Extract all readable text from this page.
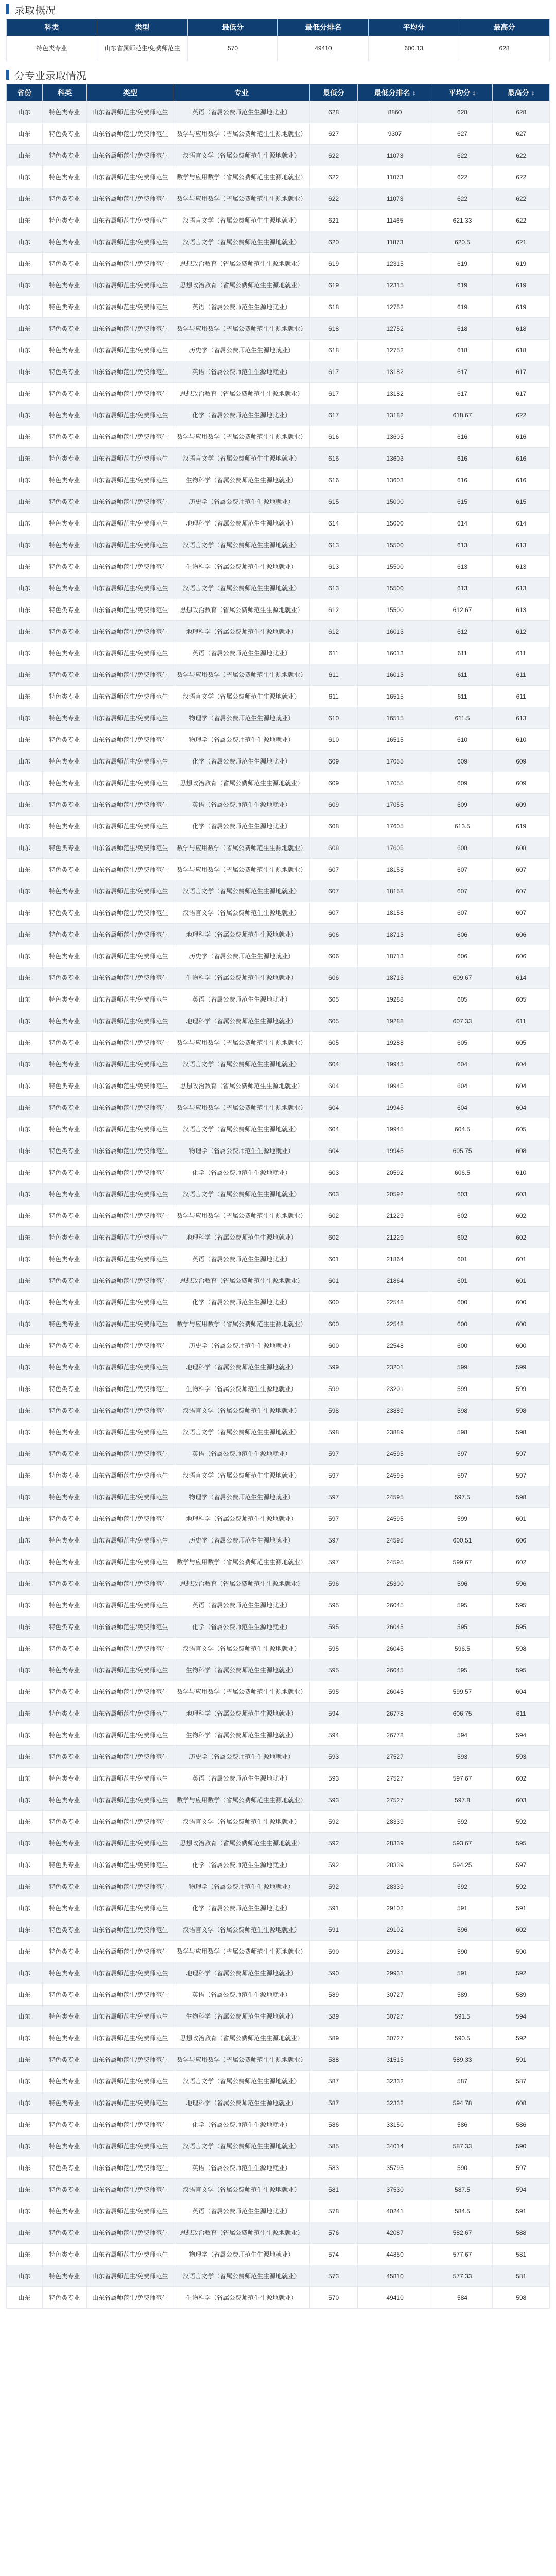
录取概况
科类	类型	最低分	最低分排名	平均分	最高分
特色类专业	山东省属师范生/免费师范生	570	49410	600.13	628
分专业录取情况
省份	科类	类型	专业	最低分	最低分排名 ↕	平均分 ↕	最高分 ↕
山东	特色类专业	山东省属师范生/免费师范生	英语（省属公费师范生生源地就业）	628	8860	628	628
山东	特色类专业	山东省属师范生/免费师范生	数学与应用数学（省属公费师范生生源地就业）	627	9307	627	627
山东	特色类专业	山东省属师范生/免费师范生	汉语言文学（省属公费师范生生源地就业）	622	11073	622	622
山东	特色类专业	山东省属师范生/免费师范生	数学与应用数学（省属公费师范生生源地就业）	622	11073	622	622
山东	特色类专业	山东省属师范生/免费师范生	数学与应用数学（省属公费师范生生源地就业）	622	11073	622	622
山东	特色类专业	山东省属师范生/免费师范生	汉语言文学（省属公费师范生生源地就业）	621	11465	621.33	622
山东	特色类专业	山东省属师范生/免费师范生	汉语言文学（省属公费师范生生源地就业）	620	11873	620.5	621
山东	特色类专业	山东省属师范生/免费师范生	思想政治教育（省属公费师范生生源地就业）	619	12315	619	619
山东	特色类专业	山东省属师范生/免费师范生	思想政治教育（省属公费师范生生源地就业）	619	12315	619	619
山东	特色类专业	山东省属师范生/免费师范生	英语（省属公费师范生生源地就业）	618	12752	619	619
山东	特色类专业	山东省属师范生/免费师范生	数学与应用数学（省属公费师范生生源地就业）	618	12752	618	618
山东	特色类专业	山东省属师范生/免费师范生	历史学（省属公费师范生生源地就业）	618	12752	618	618
山东	特色类专业	山东省属师范生/免费师范生	英语（省属公费师范生生源地就业）	617	13182	617	617
山东	特色类专业	山东省属师范生/免费师范生	思想政治教育（省属公费师范生生源地就业）	617	13182	617	617
山东	特色类专业	山东省属师范生/免费师范生	化学（省属公费师范生生源地就业）	617	13182	618.67	622
山东	特色类专业	山东省属师范生/免费师范生	数学与应用数学（省属公费师范生生源地就业）	616	13603	616	616
山东	特色类专业	山东省属师范生/免费师范生	汉语言文学（省属公费师范生生源地就业）	616	13603	616	616
山东	特色类专业	山东省属师范生/免费师范生	生物科学（省属公费师范生生源地就业）	616	13603	616	616
山东	特色类专业	山东省属师范生/免费师范生	历史学（省属公费师范生生源地就业）	615	15000	615	615
山东	特色类专业	山东省属师范生/免费师范生	地理科学（省属公费师范生生源地就业）	614	15000	614	614
山东	特色类专业	山东省属师范生/免费师范生	汉语言文学（省属公费师范生生源地就业）	613	15500	613	613
山东	特色类专业	山东省属师范生/免费师范生	生物科学（省属公费师范生生源地就业）	613	15500	613	613
山东	特色类专业	山东省属师范生/免费师范生	汉语言文学（省属公费师范生生源地就业）	613	15500	613	613
山东	特色类专业	山东省属师范生/免费师范生	思想政治教育（省属公费师范生生源地就业）	612	15500	612.67	613
山东	特色类专业	山东省属师范生/免费师范生	地理科学（省属公费师范生生源地就业）	612	16013	612	612
山东	特色类专业	山东省属师范生/免费师范生	英语（省属公费师范生生源地就业）	611	16013	611	611
山东	特色类专业	山东省属师范生/免费师范生	数学与应用数学（省属公费师范生生源地就业）	611	16013	611	611
山东	特色类专业	山东省属师范生/免费师范生	汉语言文学（省属公费师范生生源地就业）	611	16515	611	611
山东	特色类专业	山东省属师范生/免费师范生	物理学（省属公费师范生生源地就业）	610	16515	611.5	613
山东	特色类专业	山东省属师范生/免费师范生	物理学（省属公费师范生生源地就业）	610	16515	610	610
山东	特色类专业	山东省属师范生/免费师范生	化学（省属公费师范生生源地就业）	609	17055	609	609
山东	特色类专业	山东省属师范生/免费师范生	思想政治教育（省属公费师范生生源地就业）	609	17055	609	609
山东	特色类专业	山东省属师范生/免费师范生	英语（省属公费师范生生源地就业）	609	17055	609	609
山东	特色类专业	山东省属师范生/免费师范生	化学（省属公费师范生生源地就业）	608	17605	613.5	619
山东	特色类专业	山东省属师范生/免费师范生	数学与应用数学（省属公费师范生生源地就业）	608	17605	608	608
山东	特色类专业	山东省属师范生/免费师范生	数学与应用数学（省属公费师范生生源地就业）	607	18158	607	607
山东	特色类专业	山东省属师范生/免费师范生	汉语言文学（省属公费师范生生源地就业）	607	18158	607	607
山东	特色类专业	山东省属师范生/免费师范生	汉语言文学（省属公费师范生生源地就业）	607	18158	607	607
山东	特色类专业	山东省属师范生/免费师范生	地理科学（省属公费师范生生源地就业）	606	18713	606	606
山东	特色类专业	山东省属师范生/免费师范生	历史学（省属公费师范生生源地就业）	606	18713	606	606
山东	特色类专业	山东省属师范生/免费师范生	生物科学（省属公费师范生生源地就业）	606	18713	609.67	614
山东	特色类专业	山东省属师范生/免费师范生	英语（省属公费师范生生源地就业）	605	19288	605	605
山东	特色类专业	山东省属师范生/免费师范生	地理科学（省属公费师范生生源地就业）	605	19288	607.33	611
山东	特色类专业	山东省属师范生/免费师范生	数学与应用数学（省属公费师范生生源地就业）	605	19288	605	605
山东	特色类专业	山东省属师范生/免费师范生	汉语言文学（省属公费师范生生源地就业）	604	19945	604	604
山东	特色类专业	山东省属师范生/免费师范生	思想政治教育（省属公费师范生生源地就业）	604	19945	604	604
山东	特色类专业	山东省属师范生/免费师范生	数学与应用数学（省属公费师范生生源地就业）	604	19945	604	604
山东	特色类专业	山东省属师范生/免费师范生	汉语言文学（省属公费师范生生源地就业）	604	19945	604.5	605
山东	特色类专业	山东省属师范生/免费师范生	物理学（省属公费师范生生源地就业）	604	19945	605.75	608
山东	特色类专业	山东省属师范生/免费师范生	化学（省属公费师范生生源地就业）	603	20592	606.5	610
山东	特色类专业	山东省属师范生/免费师范生	汉语言文学（省属公费师范生生源地就业）	603	20592	603	603
山东	特色类专业	山东省属师范生/免费师范生	数学与应用数学（省属公费师范生生源地就业）	602	21229	602	602
山东	特色类专业	山东省属师范生/免费师范生	地理科学（省属公费师范生生源地就业）	602	21229	602	602
山东	特色类专业	山东省属师范生/免费师范生	英语（省属公费师范生生源地就业）	601	21864	601	601
山东	特色类专业	山东省属师范生/免费师范生	思想政治教育（省属公费师范生生源地就业）	601	21864	601	601
山东	特色类专业	山东省属师范生/免费师范生	化学（省属公费师范生生源地就业）	600	22548	600	600
山东	特色类专业	山东省属师范生/免费师范生	数学与应用数学（省属公费师范生生源地就业）	600	22548	600	600
山东	特色类专业	山东省属师范生/免费师范生	历史学（省属公费师范生生源地就业）	600	22548	600	600
山东	特色类专业	山东省属师范生/免费师范生	地理科学（省属公费师范生生源地就业）	599	23201	599	599
山东	特色类专业	山东省属师范生/免费师范生	生物科学（省属公费师范生生源地就业）	599	23201	599	599
山东	特色类专业	山东省属师范生/免费师范生	汉语言文学（省属公费师范生生源地就业）	598	23889	598	598
山东	特色类专业	山东省属师范生/免费师范生	汉语言文学（省属公费师范生生源地就业）	598	23889	598	598
山东	特色类专业	山东省属师范生/免费师范生	英语（省属公费师范生生源地就业）	597	24595	597	597
山东	特色类专业	山东省属师范生/免费师范生	汉语言文学（省属公费师范生生源地就业）	597	24595	597	597
山东	特色类专业	山东省属师范生/免费师范生	物理学（省属公费师范生生源地就业）	597	24595	597.5	598
山东	特色类专业	山东省属师范生/免费师范生	地理科学（省属公费师范生生源地就业）	597	24595	599	601
山东	特色类专业	山东省属师范生/免费师范生	历史学（省属公费师范生生源地就业）	597	24595	600.51	606
山东	特色类专业	山东省属师范生/免费师范生	数学与应用数学（省属公费师范生生源地就业）	597	24595	599.67	602
山东	特色类专业	山东省属师范生/免费师范生	思想政治教育（省属公费师范生生源地就业）	596	25300	596	596
山东	特色类专业	山东省属师范生/免费师范生	英语（省属公费师范生生源地就业）	595	26045	595	595
山东	特色类专业	山东省属师范生/免费师范生	化学（省属公费师范生生源地就业）	595	26045	595	595
山东	特色类专业	山东省属师范生/免费师范生	汉语言文学（省属公费师范生生源地就业）	595	26045	596.5	598
山东	特色类专业	山东省属师范生/免费师范生	生物科学（省属公费师范生生源地就业）	595	26045	595	595
山东	特色类专业	山东省属师范生/免费师范生	数学与应用数学（省属公费师范生生源地就业）	595	26045	599.57	604
山东	特色类专业	山东省属师范生/免费师范生	地理科学（省属公费师范生生源地就业）	594	26778	606.75	611
山东	特色类专业	山东省属师范生/免费师范生	生物科学（省属公费师范生生源地就业）	594	26778	594	594
山东	特色类专业	山东省属师范生/免费师范生	历史学（省属公费师范生生源地就业）	593	27527	593	593
山东	特色类专业	山东省属师范生/免费师范生	英语（省属公费师范生生源地就业）	593	27527	597.67	602
山东	特色类专业	山东省属师范生/免费师范生	数学与应用数学（省属公费师范生生源地就业）	593	27527	597.8	603
山东	特色类专业	山东省属师范生/免费师范生	汉语言文学（省属公费师范生生源地就业）	592	28339	592	592
山东	特色类专业	山东省属师范生/免费师范生	思想政治教育（省属公费师范生生源地就业）	592	28339	593.67	595
山东	特色类专业	山东省属师范生/免费师范生	化学（省属公费师范生生源地就业）	592	28339	594.25	597
山东	特色类专业	山东省属师范生/免费师范生	物理学（省属公费师范生生源地就业）	592	28339	592	592
山东	特色类专业	山东省属师范生/免费师范生	化学（省属公费师范生生源地就业）	591	29102	591	591
山东	特色类专业	山东省属师范生/免费师范生	汉语言文学（省属公费师范生生源地就业）	591	29102	596	602
山东	特色类专业	山东省属师范生/免费师范生	数学与应用数学（省属公费师范生生源地就业）	590	29931	590	590
山东	特色类专业	山东省属师范生/免费师范生	地理科学（省属公费师范生生源地就业）	590	29931	591	592
山东	特色类专业	山东省属师范生/免费师范生	英语（省属公费师范生生源地就业）	589	30727	589	589
山东	特色类专业	山东省属师范生/免费师范生	生物科学（省属公费师范生生源地就业）	589	30727	591.5	594
山东	特色类专业	山东省属师范生/免费师范生	思想政治教育（省属公费师范生生源地就业）	589	30727	590.5	592
山东	特色类专业	山东省属师范生/免费师范生	数学与应用数学（省属公费师范生生源地就业）	588	31515	589.33	591
山东	特色类专业	山东省属师范生/免费师范生	汉语言文学（省属公费师范生生源地就业）	587	32332	587	587
山东	特色类专业	山东省属师范生/免费师范生	地理科学（省属公费师范生生源地就业）	587	32332	594.78	608
山东	特色类专业	山东省属师范生/免费师范生	化学（省属公费师范生生源地就业）	586	33150	586	586
山东	特色类专业	山东省属师范生/免费师范生	汉语言文学（省属公费师范生生源地就业）	585	34014	587.33	590
山东	特色类专业	山东省属师范生/免费师范生	英语（省属公费师范生生源地就业）	583	35795	590	597
山东	特色类专业	山东省属师范生/免费师范生	汉语言文学（省属公费师范生生源地就业）	581	37530	587.5	594
山东	特色类专业	山东省属师范生/免费师范生	英语（省属公费师范生生源地就业）	578	40241	584.5	591
山东	特色类专业	山东省属师范生/免费师范生	思想政治教育（省属公费师范生生源地就业）	576	42087	582.67	588
山东	特色类专业	山东省属师范生/免费师范生	物理学（省属公费师范生生源地就业）	574	44850	577.67	581
山东	特色类专业	山东省属师范生/免费师范生	汉语言文学（省属公费师范生生源地就业）	573	45810	577.33	581
山东	特色类专业	山东省属师范生/免费师范生	生物科学（省属公费师范生生源地就业）	570	49410	584	598
